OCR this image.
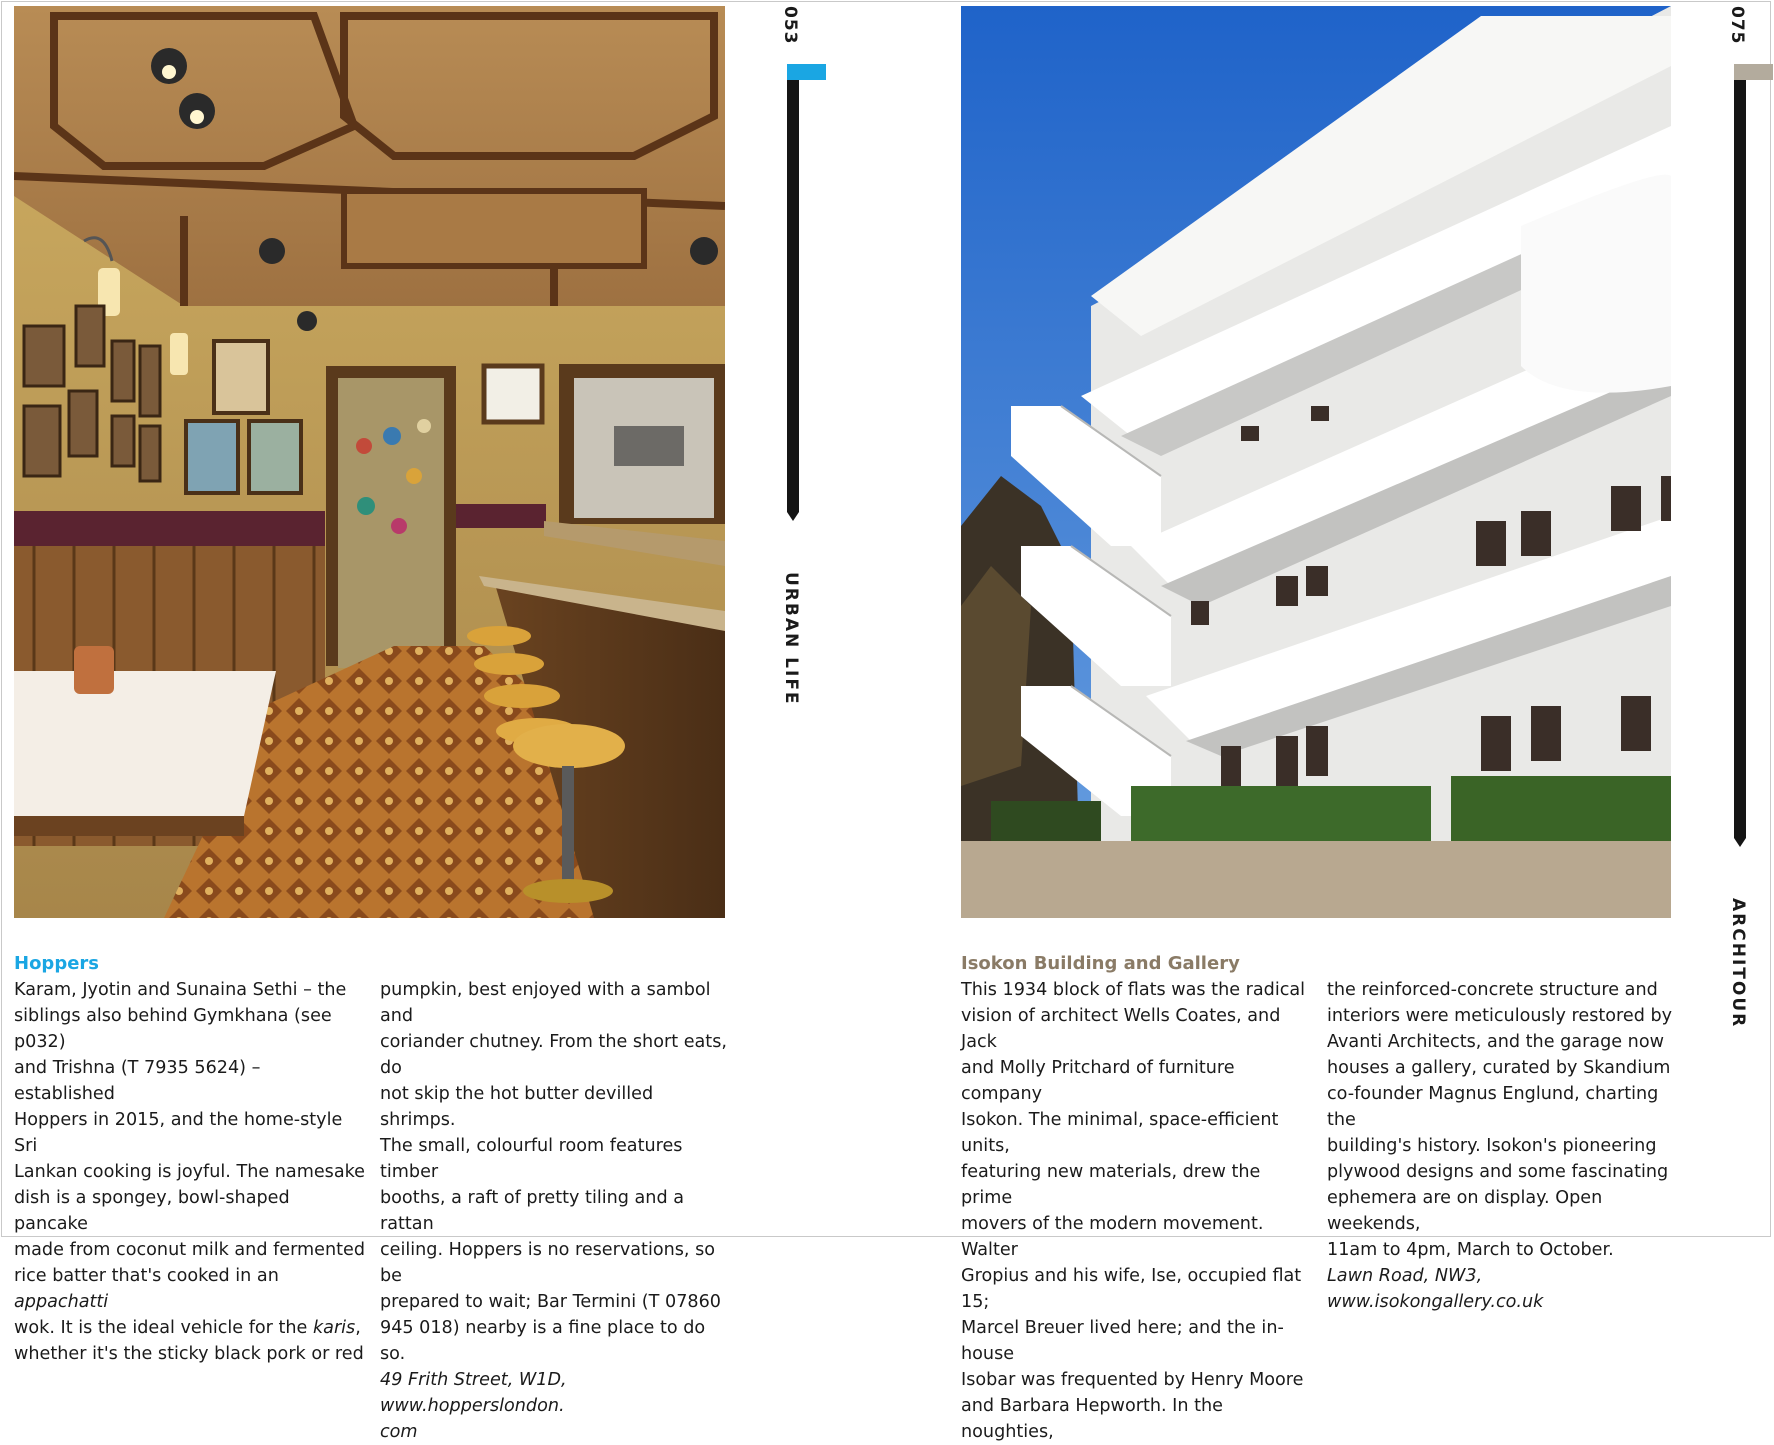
053
URBAN LIFE
Hoppers

Karam, Jyotin and Sunaina Sethi – the

siblings also behind Gymkhana (see p032)

and Trishna (T 7935 5624) – established

Hoppers in 2015, and the home-style Sri

Lankan cooking is joyful. The namesake

dish is a spongey, bowl-shaped pancake

made from coconut milk and fermented

rice batter that's cooked in an appachatti

wok. It is the ideal vehicle for the karis,

whether it's the sticky black pork or red

pumpkin, best enjoyed with a sambol and

coriander chutney. From the short eats, do

not skip the hot butter devilled shrimps.

The small, colourful room features timber

booths, a raft of pretty tiling and a rattan

ceiling. Hoppers is no reservations, so be

prepared to wait; Bar Termini (T 07860

945 018) nearby is a fine place to do so.

49 Frith Street, W1D, www.hopperslondon.

com

075
ARCHITOUR
Isokon Building and Gallery

This 1934 block of flats was the radical

vision of architect Wells Coates, and Jack

and Molly Pritchard of furniture company

Isokon. The minimal, space-efficient units,

featuring new materials, drew the prime

movers of the modern movement. Walter

Gropius and his wife, Ise, occupied flat 15;

Marcel Breuer lived here; and the in-house

Isobar was frequented by Henry Moore

and Barbara Hepworth. In the noughties,

the reinforced-concrete structure and

interiors were meticulously restored by

Avanti Architects, and the garage now

houses a gallery, curated by Skandium

co-founder Magnus Englund, charting the

building's history. Isokon's pioneering

plywood designs and some fascinating

ephemera are on display. Open weekends,

11am to 4pm, March to October.

Lawn Road, NW3, www.isokongallery.co.uk
